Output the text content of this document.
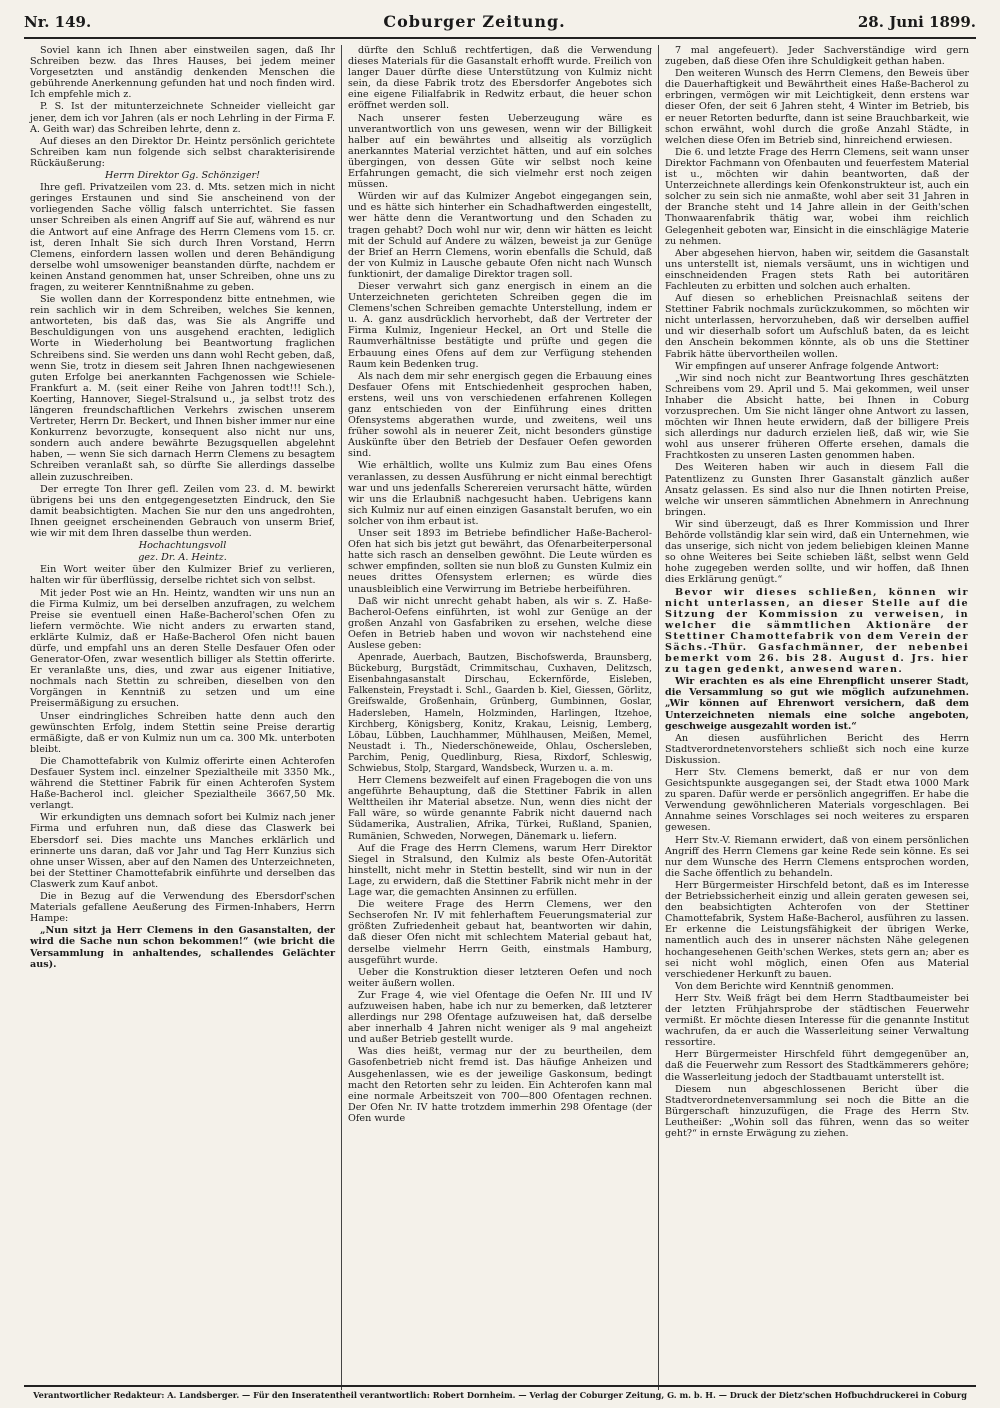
Nr. 149.	Coburger Zeitung.	28. Juni 1899.

Soviel kann ich Ihnen aber einstweilen sagen, daß Ihr Schreiben bezw. das Ihres Hauses, bei jedem meiner Vorgesetzten und anständig denkenden Menschen die gebührende Anerkennung gefunden hat und noch finden wird. Ich empfehle mich z.

P. S. Ist der mitunterzeichnete Schneider vielleicht gar jener, dem ich vor Jahren (als er noch Lehrling in der Firma F. A. Geith war) das Schreiben lehrte, denn z.

Auf dieses an den Direktor Dr. Heintz persönlich gerichtete Schreiben kam nun folgende sich selbst charakterisirende Rückäußerung:

Herrn Direktor Gg. Schönziger!

Ihre gefl. Privatzeilen vom 23. d. Mts. setzen mich in nicht geringes Erstaunen und sind Sie anscheinend von der vorliegenden Sache völlig falsch unterrichtet. Sie fassen unser Schreiben als einen Angriff auf Sie auf, während es nur die Antwort auf eine Anfrage des Herrn Clemens vom 15. cr. ist, deren Inhalt Sie sich durch Ihren Vorstand, Herrn Clemens, einfordern lassen wollen und deren Behändigung derselbe wohl umsoweniger beanstanden dürfte, nachdem er keinen Anstand genommen hat, unser Schreiben, ohne uns zu fragen, zu weiterer Kenntnißnahme zu geben.

Sie wollen dann der Korrespondenz bitte entnehmen, wie rein sachlich wir in dem Schreiben, welches Sie kennen, antworteten, bis daß das, was Sie als Angriffe und Beschuldigungen von uns ausgehend erachten, lediglich Worte in Wiederholung bei Beantwortung fraglichen Schreibens sind. Sie werden uns dann wohl Recht geben, daß, wenn Sie, trotz in diesem seit Jahren Ihnen nachgewiesenen guten Erfolge bei anerkannten Fachgenossen wie Schiele-Frankfurt a. M. (seit einer Reihe von Jahren todt!!! Sch.), Koerting, Hannover, Siegel-Stralsund u., ja selbst trotz des längeren freundschaftlichen Verkehrs zwischen unserem Vertreter, Herrn Dr. Beckert, und Ihnen bisher immer nur eine Konkurrenz bevorzugte, konsequent also nicht nur uns, sondern auch andere bewährte Bezugsquellen abgelehnt haben, — wenn Sie sich darnach Herrn Clemens zu besagtem Schreiben veranlaßt sah, so dürfte Sie allerdings dasselbe allein zuzuschreiben.

Der erregte Ton Ihrer gefl. Zeilen vom 23. d. M. bewirkt übrigens bei uns den entgegengesetzten Eindruck, den Sie damit beabsichtigten. Machen Sie nur den uns angedrohten, Ihnen geeignet erscheinenden Gebrauch von unserm Brief, wie wir mit dem Ihren dasselbe thun werden.

Hochachtungsvoll

gez. Dr. A. Heintz.

Ein Wort weiter über den Kulmizer Brief zu verlieren, halten wir für überflüssig, derselbe richtet sich von selbst.

Mit jeder Post wie an Hn. Heintz, wandten wir uns nun an die Firma Kulmiz, um bei derselben anzufragen, zu welchem Preise sie eventuell einen Haße-Bacherol'schen Ofen zu liefern vermöchte. Wie nicht anders zu erwarten stand, erklärte Kulmiz, daß er Haße-Bacherol Ofen nicht bauen dürfe, und empfahl uns an deren Stelle Desfauer Ofen oder Generator-Ofen, zwar wesentlich billiger als Stettin offerirte. Er veranlaßte uns, dies, und zwar aus eigener Initiative, nochmals nach Stettin zu schreiben, dieselben von den Vorgängen in Kenntniß zu setzen und um eine Preisermäßigung zu ersuchen.

Unser eindringliches Schreiben hatte denn auch den gewünschten Erfolg, indem Stettin seine Preise derartig ermäßigte, daß er von Kulmiz nun um ca. 300 Mk. unterboten bleibt.

Die Chamottefabrik von Kulmiz offerirte einen Achterofen Desfauer System incl. einzelner Spezialtheile mit 3350 Mk., während die Stettiner Fabrik für einen Achterofen System Haße-Bacherol incl. gleicher Spezialtheile 3667,50 Mk. verlangt.

Wir erkundigten uns demnach sofort bei Kulmiz nach jener Firma und erfuhren nun, daß diese das Claswerk bei Ebersdorf sei. Dies machte uns Manches erklärlich und erinnerte uns daran, daß vor Jahr und Tag Herr Kunzius sich ohne unser Wissen, aber auf den Namen des Unterzeichneten, bei der Stettiner Chamottefabrik einführte und derselben das Claswerk zum Kauf anbot.

Die in Bezug auf die Verwendung des Ebersdorf'schen Materials gefallene Aeußerung des Firmen-Inhabers, Herrn Hampe:

„Nun sitzt ja Herr Clemens in den Gasanstalten, der wird die Sache nun schon bekommen!“ (wie bricht die Versammlung in anhaltendes, schallendes Gelächter aus).

dürfte den Schluß rechtfertigen, daß die Verwendung dieses Materials für die Gasanstalt erhofft wurde. Freilich von langer Dauer dürfte diese Unterstützung von Kulmiz nicht sein, da diese Fabrik trotz des Ebersdorfer Angebotes sich eine eigene Filialfabrik in Redwitz erbaut, die heuer schon eröffnet werden soll.

Nach unserer festen Ueberzeugung wäre es unverantwortlich von uns gewesen, wenn wir der Billigkeit halber auf ein bewährtes und allseitig als vorzüglich anerkanntes Material verzichtet hätten, und auf ein solches übergingen, von dessen Güte wir selbst noch keine Erfahrungen gemacht, die sich vielmehr erst noch zeigen müssen.

Würden wir auf das Kulmizer Angebot eingegangen sein, und es hätte sich hinterher ein Schadhaftwerden eingestellt, wer hätte denn die Verantwortung und den Schaden zu tragen gehabt? Doch wohl nur wir, denn wir hätten es leicht mit der Schuld auf Andere zu wälzen, beweist ja zur Genüge der Brief an Herrn Clemens, worin ebenfalls die Schuld, daß der von Kulmiz in Lausche gebaute Ofen nicht nach Wunsch funktionirt, der damalige Direktor tragen soll.

Dieser verwahrt sich ganz energisch in einem an die Unterzeichneten gerichteten Schreiben gegen die im Clemens'schen Schreiben gemachte Unterstellung, indem er u. A. ganz ausdrücklich hervorhebt, daß der Vertreter der Firma Kulmiz, Ingenieur Heckel, an Ort und Stelle die Raumverhältnisse bestätigte und prüfte und gegen die Erbauung eines Ofens auf dem zur Verfügung stehenden Raum kein Bedenken trug.

Als nach dem mir sehr energisch gegen die Erbauung eines Desfauer Ofens mit Entschiedenheit gesprochen haben, erstens, weil uns von verschiedenen erfahrenen Kollegen ganz entschieden von der Einführung eines dritten Ofensystems abgerathen wurde, und zweitens, weil uns früher sowohl als in neuerer Zeit, nicht besonders günstige Auskünfte über den Betrieb der Desfauer Oefen geworden sind.

Wie erhältlich, wollte uns Kulmiz zum Bau eines Ofens veranlassen, zu dessen Ausführung er nicht einmal berechtigt war und uns jedenfalls Scherereien verursacht hätte, würden wir uns die Erlaubniß nachgesucht haben. Uebrigens kann sich Kulmiz nur auf einen einzigen Gasanstalt berufen, wo ein solcher von ihm erbaut ist.

Unser seit 1893 im Betriebe befindlicher Haße-Bacherol-Ofen hat sich bis jetzt gut bewährt, das Ofenarbeiterpersonal hatte sich rasch an denselben gewöhnt. Die Leute würden es schwer empfinden, sollten sie nun bloß zu Gunsten Kulmiz ein neues drittes Ofensystem erlernen; es würde dies unausbleiblich eine Verwirrung im Betriebe herbeiführen.

Daß wir nicht unrecht gehabt haben, als wir s. Z. Haße-Bacherol-Oefens einführten, ist wohl zur Genüge an der großen Anzahl von Gasfabriken zu ersehen, welche diese Oefen in Betrieb haben und wovon wir nachstehend eine Auslese geben:

Apenrade, Auerbach, Bautzen, Bischofswerda, Braunsberg, Bückeburg, Burgstädt, Crimmitschau, Cuxhaven, Delitzsch, Eisenbahngasanstalt Dirschau, Eckernförde, Eisleben, Falkenstein, Freystadt i. Schl., Gaarden b. Kiel, Giessen, Görlitz, Greifswalde, Großenhain, Grünberg, Gumbinnen, Goslar, Hadersleben, Hameln, Holzminden, Harlingen, Itzehoe, Kirchberg, Königsberg, Konitz, Krakau, Leisnig, Lemberg, Löbau, Lübben, Lauchhammer, Mühlhausen, Meißen, Memel, Neustadt i. Th., Niederschöneweide, Ohlau, Oschersleben, Parchim, Penig, Quedlinburg, Riesa, Rixdorf, Schleswig, Schwiebus, Stolp, Stargard, Wandsbeck, Wurzen u. a. m.

Herr Clemens bezweifelt auf einen Fragebogen die von uns angeführte Behauptung, daß die Stettiner Fabrik in allen Welttheilen ihr Material absetze. Nun, wenn dies nicht der Fall wäre, so würde genannte Fabrik nicht dauernd nach Südamerika, Australien, Afrika, Türkei, Rußland, Spanien, Rumänien, Schweden, Norwegen, Dänemark u. liefern.

Auf die Frage des Herrn Clemens, warum Herr Direktor Siegel in Stralsund, den Kulmiz als beste Ofen-Autorität hinstellt, nicht mehr in Stettin bestellt, sind wir nun in der Lage, zu erwidern, daß die Stettiner Fabrik nicht mehr in der Lage war, die gemachten Ansinnen zu erfüllen.

Die weitere Frage des Herrn Clemens, wer den Sechserofen Nr. IV mit fehlerhaftem Feuerungsmaterial zur größten Zufriedenheit gebaut hat, beantworten wir dahin, daß dieser Ofen nicht mit schlechtem Material gebaut hat, derselbe vielmehr Herrn Geith, einstmals Hamburg, ausgeführt wurde.

Ueber die Konstruktion dieser letzteren Oefen und noch weiter äußern wollen.

Zur Frage 4, wie viel Ofentage die Oefen Nr. III und IV aufzuweisen haben, habe ich nur zu bemerken, daß letzterer allerdings nur 298 Ofentage aufzuweisen hat, daß derselbe aber innerhalb 4 Jahren nicht weniger als 9 mal angeheizt und außer Betrieb gestellt wurde.

Was dies heißt, vermag nur der zu beurtheilen, dem Gasofenbetrieb nicht fremd ist. Das häufige Anheizen und Ausgehenlassen, wie es der jeweilige Gaskonsum, bedingt macht den Retorten sehr zu leiden. Ein Achterofen kann mal eine normale Arbeitszeit von 700—800 Ofentagen rechnen. Der Ofen Nr. IV hatte trotzdem immerhin 298 Ofentage (der Ofen wurde

7 mal angefeuert). Jeder Sachverständige wird gern zugeben, daß diese Ofen ihre Schuldigkeit gethan haben.

Den weiteren Wunsch des Herrn Clemens, den Beweis über die Dauerhaftigkeit und Bewährtheit eines Haße-Bacherol zu erbringen, vermögen wir mit Leichtigkeit, denn erstens war dieser Ofen, der seit 6 Jahren steht, 4 Winter im Betrieb, bis er neuer Retorten bedurfte, dann ist seine Brauchbarkeit, wie schon erwähnt, wohl durch die große Anzahl Städte, in welchen diese Ofen im Betrieb sind, hinreichend erwiesen.

Die 6. und letzte Frage des Herrn Clemens, seit wann unser Direktor Fachmann von Ofenbauten und feuerfestem Material ist u., möchten wir dahin beantworten, daß der Unterzeichnete allerdings kein Ofenkonstrukteur ist, auch ein solcher zu sein sich nie anmaßte, wohl aber seit 31 Jahren in der Branche steht und 14 Jahre allein in der Geith'schen Thonwaarenfabrik thätig war, wobei ihm reichlich Gelegenheit geboten war, Einsicht in die einschlägige Materie zu nehmen.

Aber abgesehen hiervon, haben wir, seitdem die Gasanstalt uns unterstellt ist, niemals versäumt, uns in wichtigen und einschneidenden Fragen stets Rath bei autoritären Fachleuten zu erbitten und solchen auch erhalten.

Auf diesen so erheblichen Preisnachlaß seitens der Stettiner Fabrik nochmals zurückzukommen, so möchten wir nicht unterlassen, hervorzuheben, daß wir derselben auffiel und wir dieserhalb sofort um Aufschluß baten, da es leicht den Anschein bekommen könnte, als ob uns die Stettiner Fabrik hätte übervortheilen wollen.

Wir empfingen auf unserer Anfrage folgende Antwort:

„Wir sind noch nicht zur Beantwortung Ihres geschätzten Schreibens vom 29. April und 5. Mai gekommen, weil unser Inhaber die Absicht hatte, bei Ihnen in Coburg vorzusprechen. Um Sie nicht länger ohne Antwort zu lassen, möchten wir Ihnen heute erwidern, daß der billigere Preis sich allerdings nur dadurch erzielen ließ, daß wir, wie Sie wohl aus unserer früheren Offerte ersehen, damals die Frachtkosten zu unseren Lasten genommen haben.

Des Weiteren haben wir auch in diesem Fall die Patentlizenz zu Gunsten Ihrer Gasanstalt gänzlich außer Ansatz gelassen. Es sind also nur die Ihnen notirten Preise, welche wir unseren sämmtlichen Abnehmern in Anrechnung bringen.

Wir sind überzeugt, daß es Ihrer Kommission und Ihrer Behörde vollständig klar sein wird, daß ein Unternehmen, wie das unserige, sich nicht von jedem beliebigen kleinen Manne so ohne Weiteres bei Seite schieben läßt, selbst wenn Geld hohe zugegeben werden sollte, und wir hoffen, daß Ihnen dies Erklärung genügt.“

Bevor wir dieses schließen, können wir nicht unterlassen, an dieser Stelle auf die Sitzung der Kommission zu verweisen, in welcher die sämmtlichen Aktionäre der Stettiner Chamottefabrik von dem Verein der Sächs.-Thür. Gasfachmänner, der nebenbei bemerkt vom 26. bis 28. August d. Jrs. hier zu tagen gedenkt, anwesend waren.

Wir erachten es als eine Ehrenpflicht unserer Stadt, die Versammlung so gut wie möglich aufzunehmen. „Wir können auf Ehrenwort versichern, daß dem Unterzeichneten niemals eine solche angeboten, geschweige ausgezahlt worden ist.“

An diesen ausführlichen Bericht des Herrn Stadtverordnetenvorstehers schließt sich noch eine kurze Diskussion.

Herr Stv. Clemens bemerkt, daß er nur von dem Gesichtspunkte ausgegangen sei, der Stadt etwa 1000 Mark zu sparen. Dafür werde er persönlich angegriffen. Er habe die Verwendung gewöhnlicheren Materials vorgeschlagen. Bei Annahme seines Vorschlages sei noch weiteres zu ersparen gewesen.

Herr Stv.-V. Riemann erwidert, daß von einem persönlichen Angriff des Herrn Clemens gar keine Rede sein könne. Es sei nur dem Wunsche des Herrn Clemens entsprochen worden, die Sache öffentlich zu behandeln.

Herr Bürgermeister Hirschfeld betont, daß es im Interesse der Betriebssicherheit einzig und allein geraten gewesen sei, den beabsichtigten Achterofen von der Stettiner Chamottefabrik, System Haße-Bacherol, ausführen zu lassen. Er erkenne die Leistungsfähigkeit der übrigen Werke, namentlich auch des in unserer nächsten Nähe gelegenen hochangesehenen Geith'schen Werkes, stets gern an; aber es sei nicht wohl möglich, einen Ofen aus Material verschiedener Herkunft zu bauen.

Von dem Berichte wird Kenntniß genommen.

Herr Stv. Weiß frägt bei dem Herrn Stadtbaumeister bei der letzten Frühjahrsprobe der städtischen Feuerwehr vermißt. Er möchte diesen Interesse für die genannte Institut wachrufen, da er auch die Wasserleitung seiner Verwaltung ressortire.

Herr Bürgermeister Hirschfeld führt demgegenüber an, daß die Feuerwehr zum Ressort des Stadtkämmerers gehöre; die Wasserleitung jedoch der Stadtbauamt unterstellt ist.

Diesem nun abgeschlossenen Bericht über die Stadtverordnetenversammlung sei noch die Bitte an die Bürgerschaft hinzuzufügen, die Frage des Herrn Stv. Leutheißer: „Wohin soll das führen, wenn das so weiter geht?“ in ernste Erwägung zu ziehen.

Verantwortlicher Redakteur: A. Landsberger. — Für den Inseratentheil verantwortlich: Robert Dornheim. — Verlag der Coburger Zeitung, G. m. b. H. — Druck der Dietz'schen Hofbuchdruckerei in Coburg
